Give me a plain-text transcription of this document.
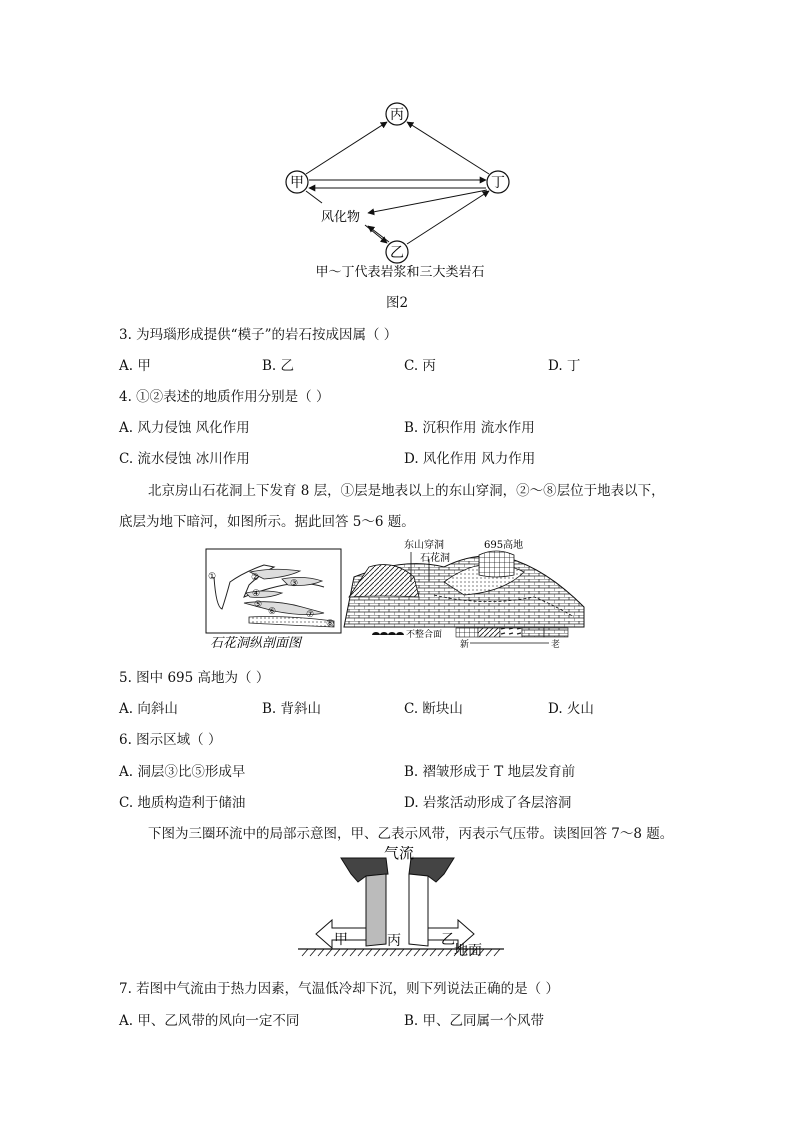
丙
甲	丁
乙
风化物
甲～丁代表岩浆和三大类岩石
图2
3. 为玛瑙形成提供“模子”的岩石按成因属（ ）
A. 甲	B. 乙	C. 丙	D. 丁
4. ①②表述的地质作用分别是（ ）
A. 风力侵蚀 风化作用	B. 沉积作用 流水作用
C. 流水侵蚀 冰川作用	D. 风化作用 风力作用
北京房山石花洞上下发育 8 层，①层是地表以上的东山穿洞，②～⑧层位于地表以下，
底层为地下暗河，如图所示。据此回答 5～6 题。
①	②
③
④
⑤
⑥	⑦
⑧
石花洞纵剖面图
东山穿洞
石花洞
695高地
不整合面
新	老
5. 图中 695 高地为（ ）
A. 向斜山	B. 背斜山	C. 断块山	D. 火山
6. 图示区域（ ）
A. 洞层③比⑤形成早	B. 褶皱形成于 T 地层发育前
C. 地质构造利于储油	D. 岩浆活动形成了各层溶洞
下图为三圈环流中的局部示意图，甲、乙表示风带，丙表示气压带。读图回答 7～8 题。
气流
甲	丙	乙
地面
7. 若图中气流由于热力因素，气温低冷却下沉，则下列说法正确的是（ ）
A. 甲、乙风带的风向一定不同	B. 甲、乙同属一个风带
